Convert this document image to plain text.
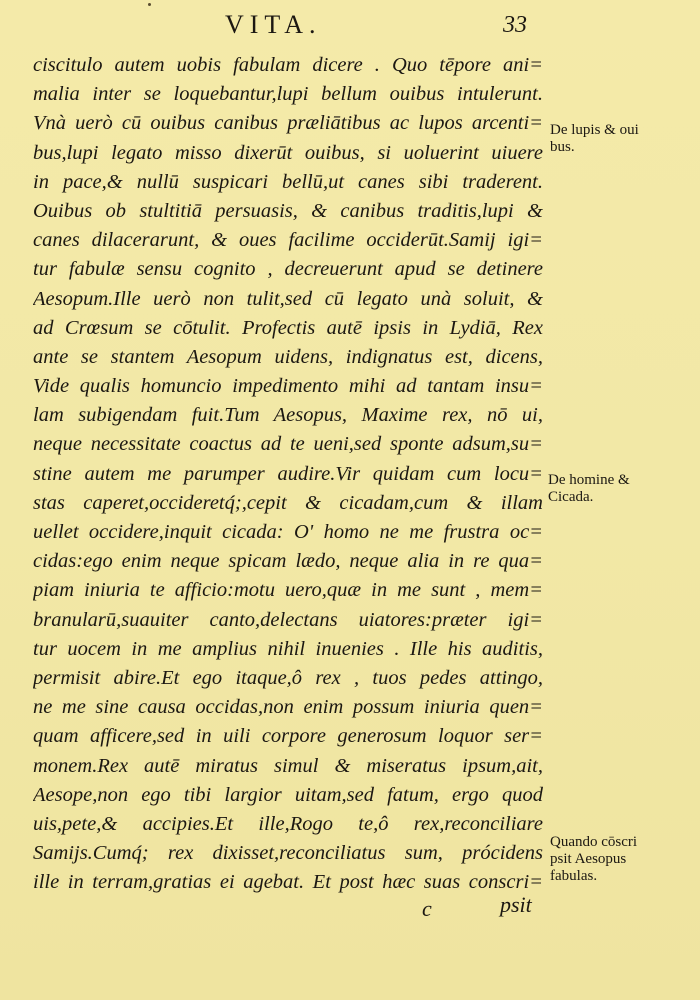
VITA.	33
ciscitulo autem uobis fabulam dicere . Quo tēpore ani=
malia inter se loquebantur,lupi bellum ouibus intulerunt.
Vnà uerò cū ouibus canibus præliātibus ac lupos arcenti=
bus,lupi legato misso dixerūt ouibus, si uoluerint uiuere
in pace,& nullū suspicari bellū,ut canes sibi traderent.
Ouibus ob stultitiā persuasis, & canibus traditis,lupi &
canes dilacerarunt, & oues facilime occiderūt.Samij igi=
tur fabulæ sensu cognito , decreuerunt apud se detinere
Aesopum.Ille uerò non tulit,sed cū legato unà soluit, &
ad Crœsum se cōtulit. Profectis autē ipsis in Lydiā, Rex
ante se stantem Aesopum uidens, indignatus est, dicens,
Vide qualis homuncio impedimento mihi ad tantam insu=
lam subigendam fuit.Tum Aesopus, Maxime rex, nō ui,
neque necessitate coactus ad te ueni,sed sponte adsum,su=
stine autem me parumper audire.Vir quidam cum locu=
stas caperet,occideretq́;,cepit & cicadam,cum & illam
uellet occidere,inquit cicada: O' homo ne me frustra oc=
cidas:ego enim neque spicam lædo, neque alia in re qua=
piam iniuria te afficio:motu uero,quæ in me sunt , mem=
branularū,suauiter canto,delectans uiatores:præter igi=
tur uocem in me amplius nihil inuenies . Ille his auditis,
permisit abire.Et ego itaque,ô rex , tuos pedes attingo,
ne me sine causa occidas,non enim possum iniuria quen=
quam afficere,sed in uili corpore generosum loquor ser=
monem.Rex autē miratus simul & miseratus ipsum,ait,
Aesope,non ego tibi largior uitam,sed fatum, ergo quod
uis,pete,& accipies.Et ille,Rogo te,ô rex,reconciliare
Samijs.Cumq́; rex dixisset,reconciliatus sum, prócidens
ille in terram,gratias ei agebat. Et post hæc suas conscri=
De lupis & oui
bus.
De homine &
Cicada.
Quando cōscri
psit Aesopus
fabulas.
c	psit
